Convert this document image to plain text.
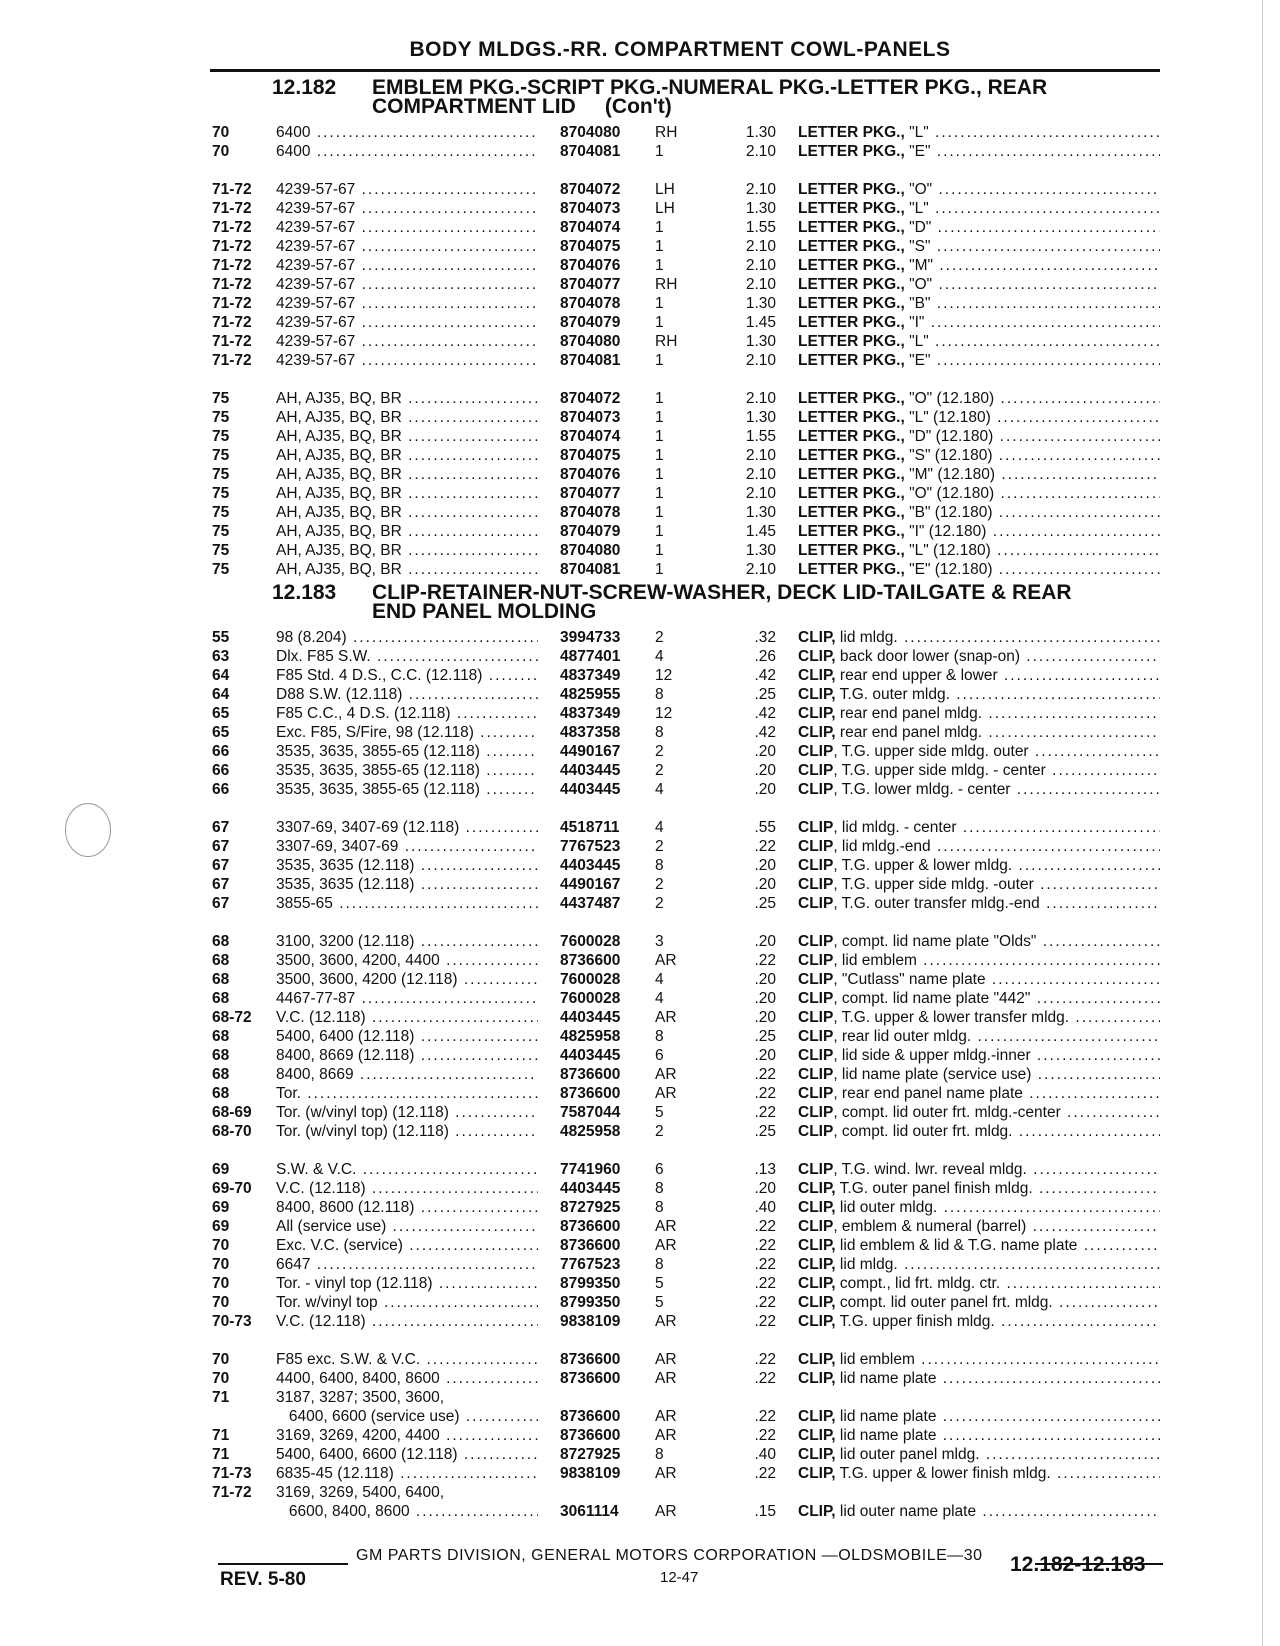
BODY MLDGS.-RR. COMPARTMENT COWL-PANELS
12.182 EMBLEM PKG.-SCRIPT PKG.-NUMERAL PKG.-LETTER PKG., REAR
COMPARTMENT LID     (Con't)
70	6400 .....	8704080	RH	1.30 LETTER PKG., "L" .....
70	6400 .....	8704081	1	2.10 LETTER PKG., "E" .....
71-72	4239-57-67 .....	8704072	LH	2.10 LETTER PKG., "O" .....
71-72	4239-57-67 .....	8704073	LH	1.30 LETTER PKG., "L" .....
71-72	4239-57-67 .....	8704074	1	1.55 LETTER PKG., "D" .....
71-72	4239-57-67 .....	8704075	1	2.10 LETTER PKG., "S" .....
71-72	4239-57-67 .....	8704076	1	2.10 LETTER PKG., "M" .....
71-72	4239-57-67 .....	8704077	RH	2.10 LETTER PKG., "O" .....
71-72	4239-57-67 .....	8704078	1	1.30 LETTER PKG., "B" .....
71-72	4239-57-67 .....	8704079	1	1.45 LETTER PKG., "I" .....
71-72	4239-57-67 .....	8704080	RH	1.30 LETTER PKG., "L" .....
71-72	4239-57-67 .....	8704081	1	2.10 LETTER PKG., "E" .....
75	AH, AJ35, BQ, BR .....	8704072	1	2.10 LETTER PKG., "O" (12.180) .....
75	AH, AJ35, BQ, BR .....	8704073	1	1.30 LETTER PKG., "L" (12.180) .....
75	AH, AJ35, BQ, BR .....	8704074	1	1.55 LETTER PKG., "D" (12.180) .....
75	AH, AJ35, BQ, BR .....	8704075	1	2.10 LETTER PKG., "S" (12.180) .....
75	AH, AJ35, BQ, BR .....	8704076	1	2.10 LETTER PKG., "M" (12.180) .....
75	AH, AJ35, BQ, BR .....	8704077	1	2.10 LETTER PKG., "O" (12.180) .....
75	AH, AJ35, BQ, BR .....	8704078	1	1.30 LETTER PKG., "B" (12.180) .....
75	AH, AJ35, BQ, BR .....	8704079	1	1.45 LETTER PKG., "I" (12.180) .....
75	AH, AJ35, BQ, BR .....	8704080	1	1.30 LETTER PKG., "L" (12.180) .....
75	AH, AJ35, BQ, BR .....	8704081	1	2.10 LETTER PKG., "E" (12.180) .....
12.183 CLIP-RETAINER-NUT-SCREW-WASHER, DECK LID-TAILGATE & REAR
END PANEL MOLDING
55	98 (8.204) .....	3994733	2	.32 CLIP, lid mldg. .....
63	Dlx. F85 S.W. .....	4877401	4	.26 CLIP, back door lower (snap-on) .....
64	F85 Std. 4 D.S., C.C. (12.118) .....	4837349	12	.42 CLIP, rear end upper & lower .....
64	D88 S.W. (12.118) .....	4825955	8	.25 CLIP, T.G. outer mldg. .....
65	F85 C.C., 4 D.S. (12.118) .....	4837349	12	.42 CLIP, rear end panel mldg. .....
65	Exc. F85, S/Fire, 98 (12.118) .....	4837358	8	.42 CLIP, rear end panel mldg. .....
66	3535, 3635, 3855-65 (12.118) .....	4490167	2	.20 CLIP, T.G. upper side mldg. outer .....
66	3535, 3635, 3855-65 (12.118) .....	4403445	2	.20 CLIP, T.G. upper side mldg. - center .....
66	3535, 3635, 3855-65 (12.118) .....	4403445	4	.20 CLIP, T.G. lower mldg. - center .....
67	3307-69, 3407-69 (12.118) .....	4518711	4	.55 CLIP, lid mldg. - center .....
67	3307-69, 3407-69 .....	7767523	2	.22 CLIP, lid mldg.-end .....
67	3535, 3635 (12.118) .....	4403445	8	.20 CLIP, T.G. upper & lower mldg. .....
67	3535, 3635 (12.118) .....	4490167	2	.20 CLIP, T.G. upper side mldg. -outer .....
67	3855-65 .....	4437487	2	.25 CLIP, T.G. outer transfer mldg.-end .....
68	3100, 3200 (12.118) .....	7600028	3	.20 CLIP, compt. lid name plate "Olds" .....
68	3500, 3600, 4200, 4400 .....	8736600	AR	.22 CLIP, lid emblem .....
68	3500, 3600, 4200 (12.118) .....	7600028	4	.20 CLIP, "Cutlass" name plate .....
68	4467-77-87 .....	7600028	4	.20 CLIP, compt. lid name plate "442" .....
68-72	V.C. (12.118) .....	4403445	AR	.20 CLIP, T.G. upper & lower transfer mldg. .....
68	5400, 6400 (12.118) .....	4825958	8	.25 CLIP, rear lid outer mldg. .....
68	8400, 8669 (12.118) .....	4403445	6	.20 CLIP, lid side & upper mldg.-inner .....
68	8400, 8669 .....	8736600	AR	.22 CLIP, lid name plate (service use) .....
68	Tor. .....	8736600	AR	.22 CLIP, rear end panel name plate .....
68-69	Tor. (w/vinyl top) (12.118) .....	7587044	5	.22 CLIP, compt. lid outer frt. mldg.-center .....
68-70	Tor. (w/vinyl top) (12.118) .....	4825958	2	.25 CLIP, compt. lid outer frt. mldg. .....
69	S.W. & V.C. .....	7741960	6	.13 CLIP, T.G. wind. lwr. reveal mldg. .....
69-70	V.C. (12.118) .....	4403445	8	.20 CLIP, T.G. outer panel finish mldg. .....
69	8400, 8600 (12.118) .....	8727925	8	.40 CLIP, lid outer mldg. .....
69	All (service use) .....	8736600	AR	.22 CLIP, emblem & numeral (barrel) .....
70	Exc. V.C. (service) .....	8736600	AR	.22 CLIP, lid emblem & lid & T.G. name plate .....
70	6647 .....	7767523	8	.22 CLIP, lid mldg. .....
70	Tor. - vinyl top (12.118) .....	8799350	5	.22 CLIP, compt., lid frt. mldg. ctr. .....
70	Tor. w/vinyl top .....	8799350	5	.22 CLIP, compt. lid outer panel frt. mldg. .....
70-73	V.C. (12.118) .....	9838109	AR	.22 CLIP, T.G. upper finish mldg. .....
70	F85 exc. S.W. & V.C. .....	8736600	AR	.22 CLIP, lid emblem .....
70	4400, 6400, 8400, 8600 .....	8736600	AR	.22 CLIP, lid name plate .....
71	3187, 3287; 3500, 3600,
6400, 6600 (service use) .....	8736600	AR	.22 CLIP, lid name plate .....
71	3169, 3269, 4200, 4400 .....	8736600	AR	.22 CLIP, lid name plate .....
71	5400, 6400, 6600 (12.118) .....	8727925	8	.40 CLIP, lid outer panel mldg. .....
71-73	6835-45 (12.118) .....	9838109	AR	.22 CLIP, T.G. upper & lower finish mldg. .....
71-72	3169, 3269, 5400, 6400,
6600, 8400, 8600 .....	3061114	AR	.15 CLIP, lid outer name plate .....
GM PARTS DIVISION, GENERAL MOTORS CORPORATION —OLDSMOBILE—30
REV. 5-80	12-47
12.182-12.183
